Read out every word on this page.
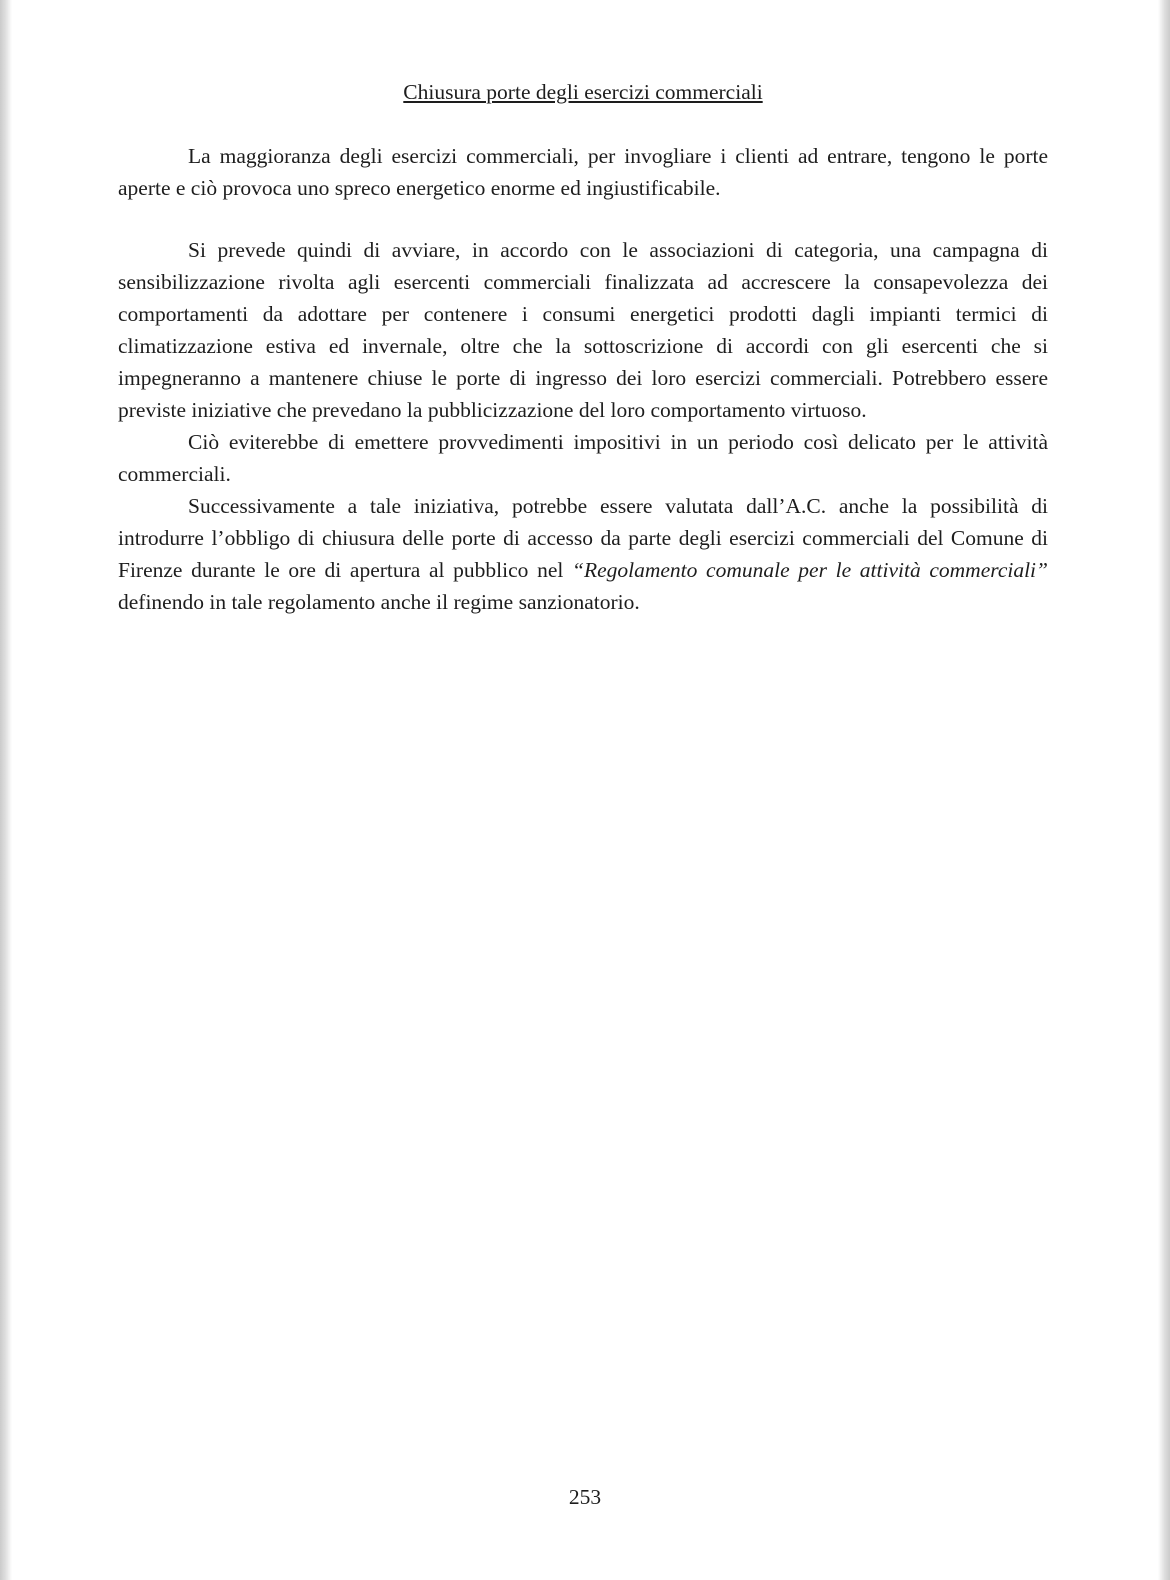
Chiusura porte degli esercizi commerciali

La maggioranza degli esercizi commerciali, per invogliare i clienti ad entrare, tengono le porte aperte e ciò provoca uno spreco energetico enorme ed ingiustificabile.

Si prevede quindi di avviare, in accordo con le associazioni di categoria, una campagna di sensibilizzazione rivolta agli esercenti commerciali finalizzata ad accrescere la consapevolezza dei comportamenti da adottare per contenere i consumi energetici prodotti dagli impianti termici di climatizzazione estiva ed invernale, oltre che la sottoscrizione di accordi con gli esercenti che si impegneranno a mantenere chiuse le porte di ingresso dei loro esercizi commerciali. Potrebbero essere previste iniziative che prevedano la pubblicizzazione del loro comportamento virtuoso.

Ciò eviterebbe di emettere provvedimenti impositivi in un periodo così delicato per le attività commerciali.

Successivamente a tale iniziativa, potrebbe essere valutata dall’A.C. anche la possibilità di introdurre l’obbligo di chiusura delle porte di accesso da parte degli esercizi commerciali del Comune di Firenze durante le ore di apertura al pubblico nel “Regolamento comunale per le attività commerciali” definendo in tale regolamento anche il regime sanzionatorio.

253
